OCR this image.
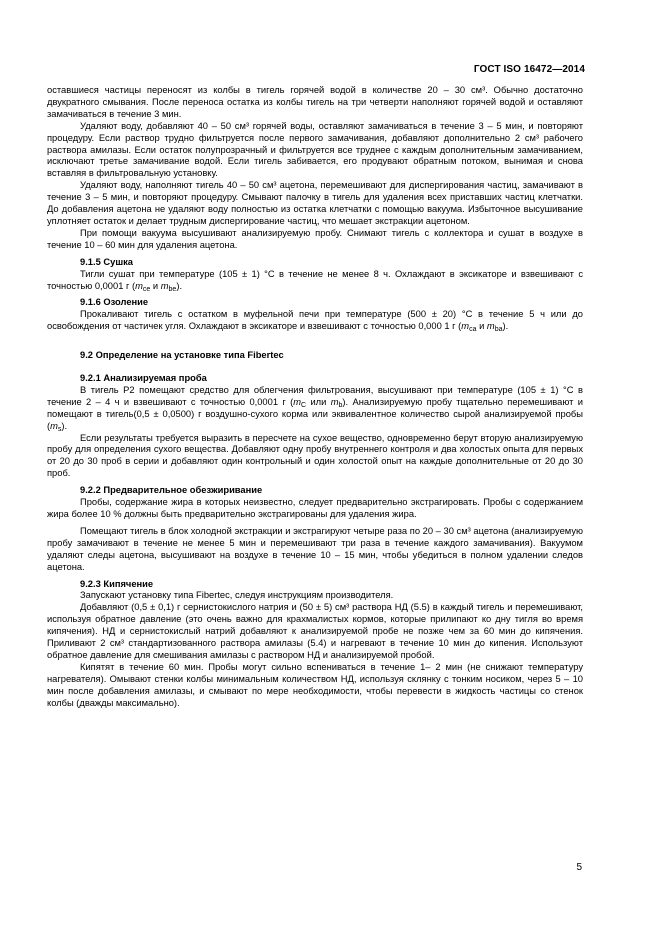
ГОСТ ISO 16472—2014

оставшиеся частицы переносят из колбы в тигель горячей водой в количестве 20 – 30 см³. Обычно достаточно двукратного смывания. После переноса остатка из колбы тигель на три четверти наполняют горячей водой и оставляют замачиваться в течение 3 мин.

Удаляют воду, добавляют 40 – 50 см³ горячей воды, оставляют замачиваться в течение 3 – 5 мин, и повторяют процедуру. Если раствор трудно фильтруется после первого замачивания, добавляют дополнительно 2 см³ рабочего раствора амилазы. Если остаток полупрозрачный и фильтруется все труднее с каждым дополнительным замачиванием, исключают третье замачивание водой. Если тигель забивается, его продувают обратным потоком, вынимая и снова вставляя в фильтровальную установку.

Удаляют воду, наполняют тигель 40 – 50 см³ ацетона, перемешивают для диспергирования частиц, замачивают в течение 3 – 5 мин, и повторяют процедуру. Смывают палочку в тигель для удаления всех приставших частиц клетчатки. До добавления ацетона не удаляют воду полностью из остатка клетчатки с помощью вакуума. Избыточное высушивание уплотняет остаток и делает трудным диспергирование частиц, что мешает экстракции ацетоном.

При помощи вакуума высушивают анализируемую пробу. Снимают тигель с коллектора и сушат в воздухе в течение 10 – 60 мин для удаления ацетона.

9.1.5 Сушка

Тигли сушат при температуре (105 ± 1) °С в течение не менее 8 ч. Охлаждают в эксикаторе и взвешивают с точностью 0,0001 г ($m_{ce}$ и $m_{be}$).

9.1.6 Озоление

Прокаливают тигель с остатком в муфельной печи при температуре (500 ± 20) °С в течение 5 ч или до освобождения от частичек угля. Охлаждают в эксикаторе и взвешивают с точностью 0,000 1 г ($m_{ca}$ и $m_{ba}$).

9.2 Определение на установке типа Fibertec
9.2.1 Анализируемая проба

В тигель Р2 помещают средство для облегчения фильтрования, высушивают при температуре (105 ± 1) °С в течение 2 – 4 ч и взвешивают с точностью 0,0001 г ($m_C$ или $m_b$). Анализируемую пробу тщательно перемешивают и помещают в тигель(0,5 ± 0,0500) г воздушно-сухого корма или эквивалентное количество сырой анализируемой пробы $(m_s)$.

Если результаты требуется выразить в пересчете на сухое вещество, одновременно берут вторую анализируемую пробу для определения сухого вещества. Добавляют одну пробу внутреннего контроля и два холостых опыта для первых от 20 до 30 проб в серии и добавляют один контрольный и один холостой опыт на каждые дополнительные от 20 до 30 проб.

9.2.2 Предварительное обезжиривание

Пробы, содержание жира в которых неизвестно, следует предварительно экстрагировать. Пробы с содержанием жира более 10 % должны быть предварительно экстрагированы для удаления жира.

Помещают тигель в блок холодной экстракции и экстрагируют четыре раза по 20 – 30 см³ ацетона (анализируемую пробу замачивают в течение не менее 5 мин и перемешивают три раза в течение каждого замачивания). Вакуумом удаляют следы ацетона, высушивают на воздухе в течение 10 – 15 мин, чтобы убедиться в полном удалении следов ацетона.

9.2.3 Кипячение

Запускают установку типа Fibertec, следуя инструкциям производителя.

Добавляют (0,5 ± 0,1) г сернистокислого натрия и (50 ± 5) см³ раствора НД (5.5) в каждый тигель и перемешивают, используя обратное давление (это очень важно для крахмалистых кормов, которые прилипают ко дну тигля во время кипячения). НД и сернистокислый натрий добавляют к анализируемой пробе не позже чем за 60 мин до кипячения. Приливают 2 см³ стандартизованного раствора амилазы (5.4) и нагревают в течение 10 мин до кипения. Используют обратное давление для смешивания амилазы с раствором НД и анализируемой пробой.

Кипятят в течение 60 мин. Пробы могут сильно вспениваться в течение 1– 2 мин (не снижают температуру нагревателя). Омывают стенки колбы минимальным количеством НД, используя склянку с тонким носиком, через 5 – 10 мин после добавления амилазы, и смывают по мере необходимости, чтобы перевести в жидкость частицы со стенок колбы (дважды максимально).

5
